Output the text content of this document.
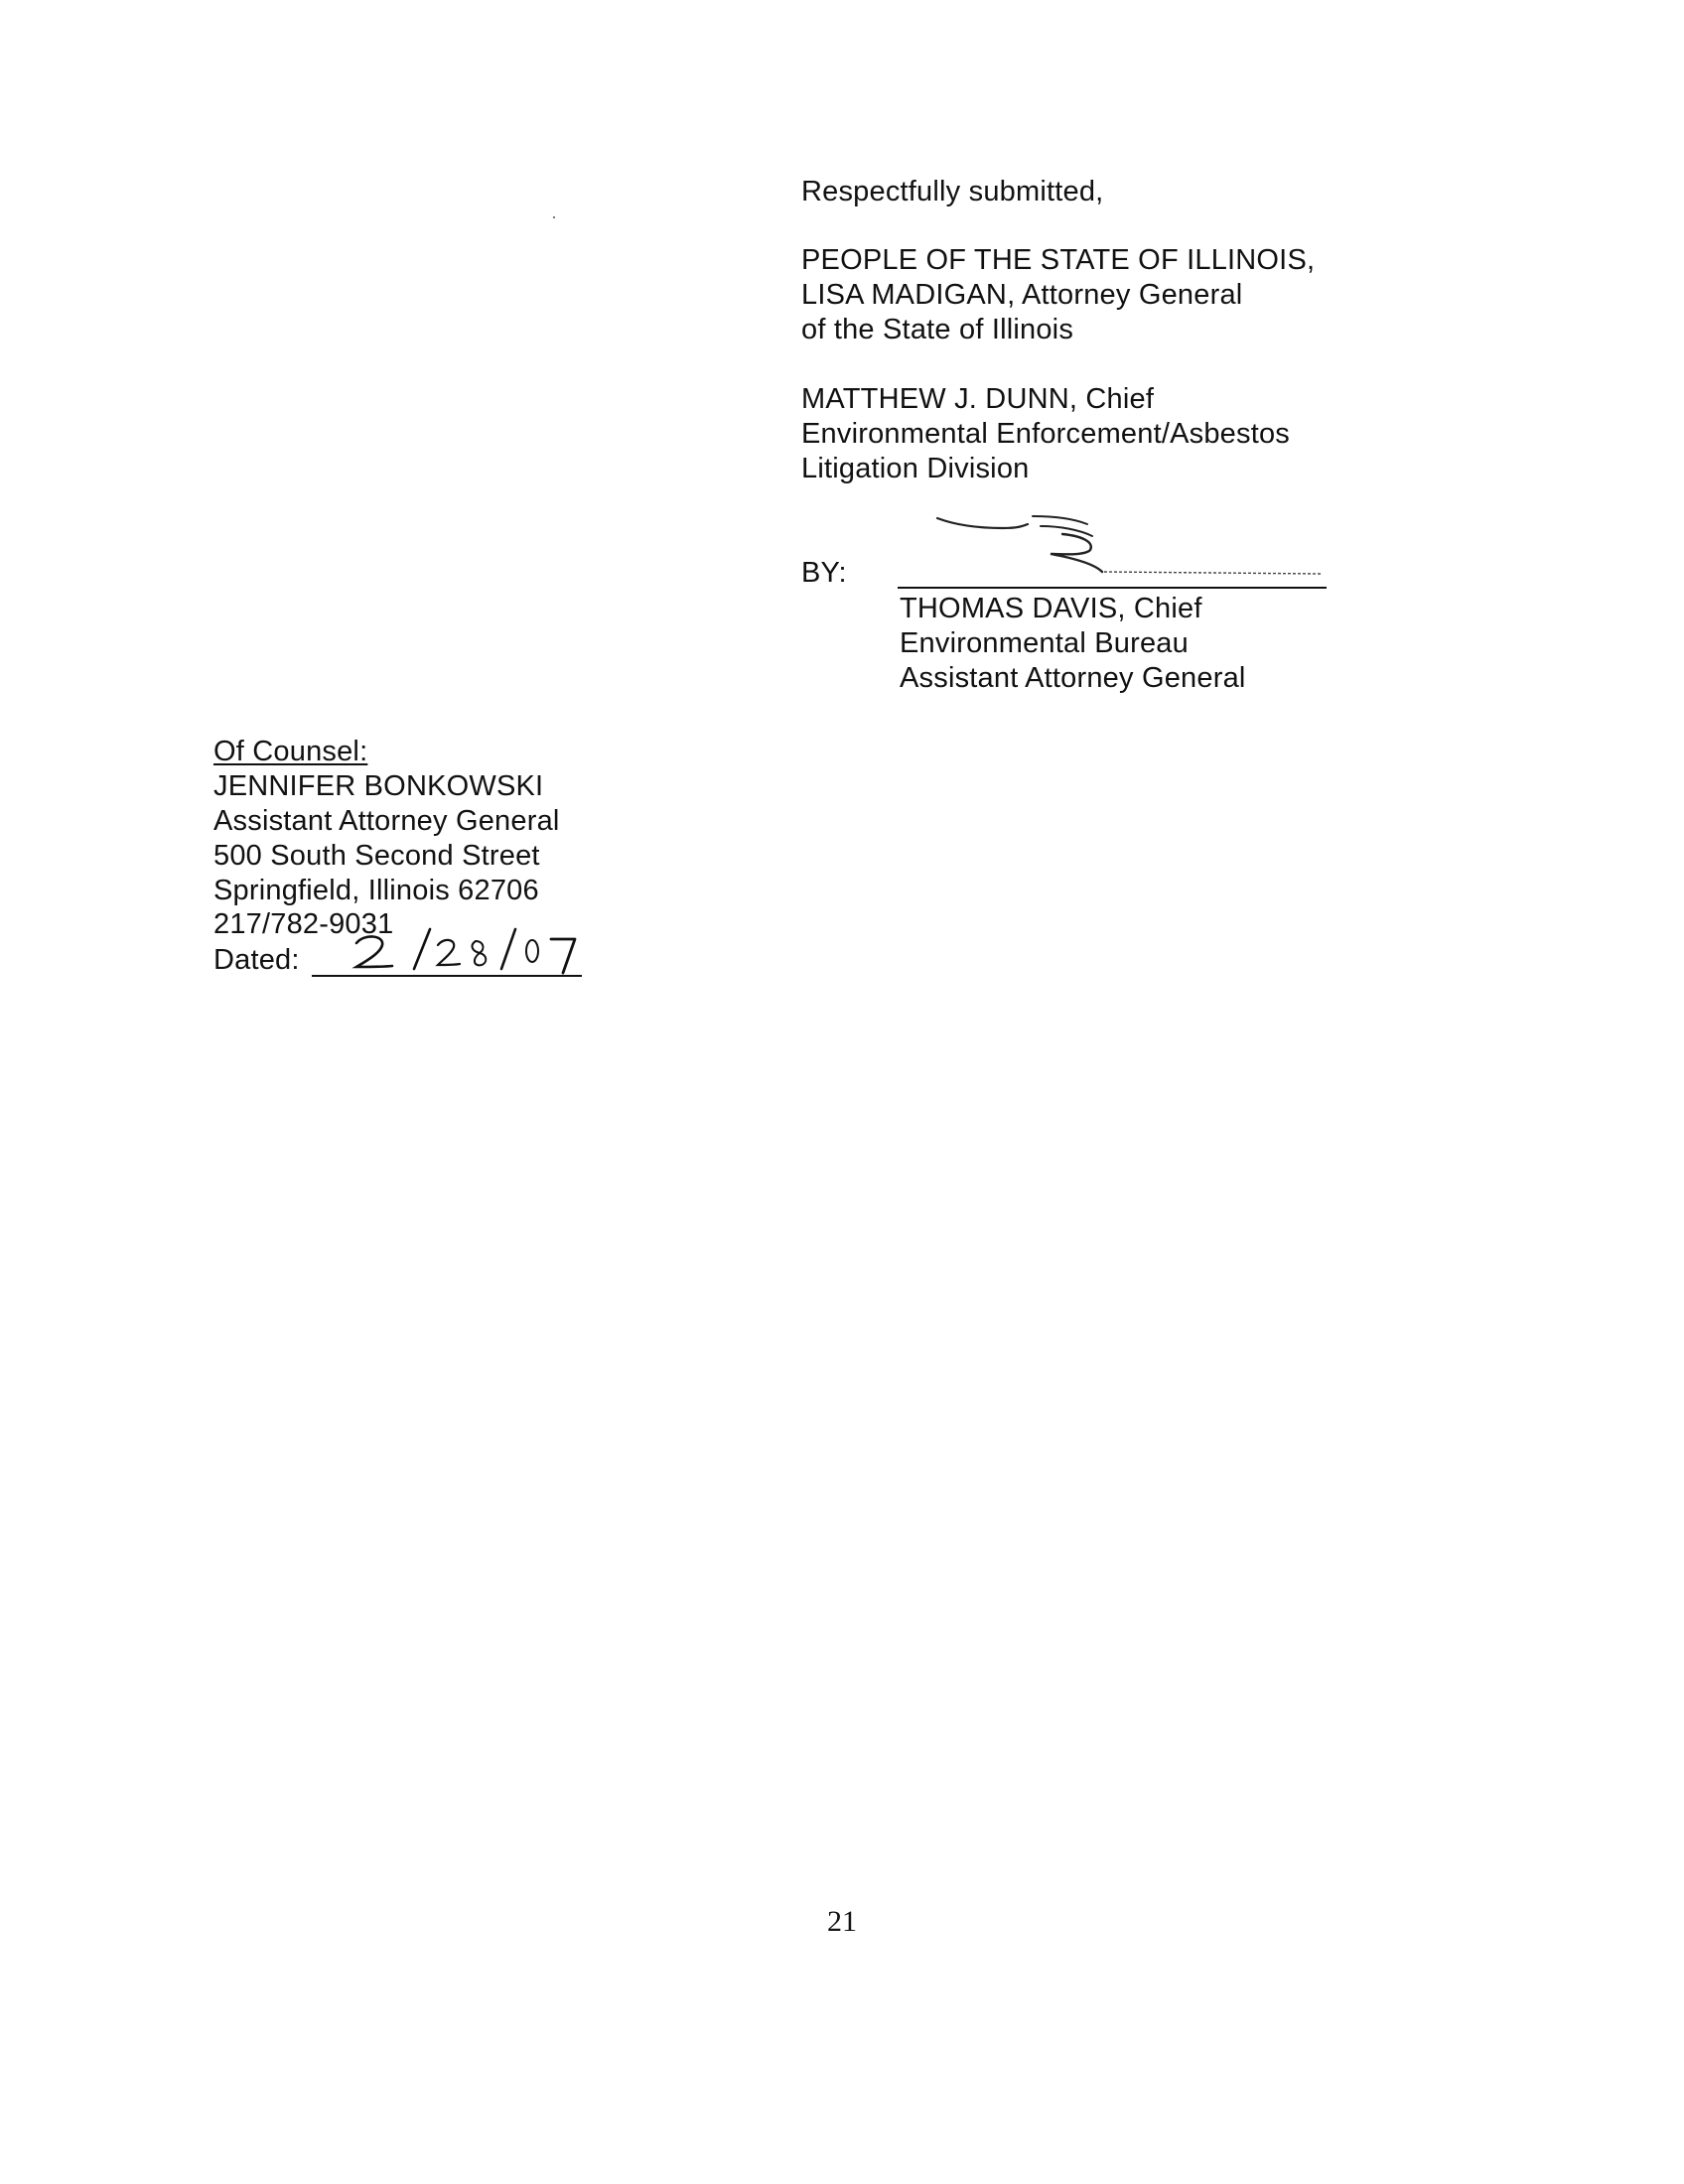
Respectfully submitted,
PEOPLE OF THE STATE OF ILLINOIS,
LISA MADIGAN, Attorney General
of the State of Illinois
MATTHEW J. DUNN, Chief
Environmental Enforcement/Asbestos
Litigation Division
BY:
THOMAS DAVIS, Chief
Environmental Bureau
Assistant Attorney General
Of Counsel:
JENNIFER BONKOWSKI
Assistant Attorney General
500 South Second Street
Springfield, Illinois 62706
217/782-9031
Dated:
21
